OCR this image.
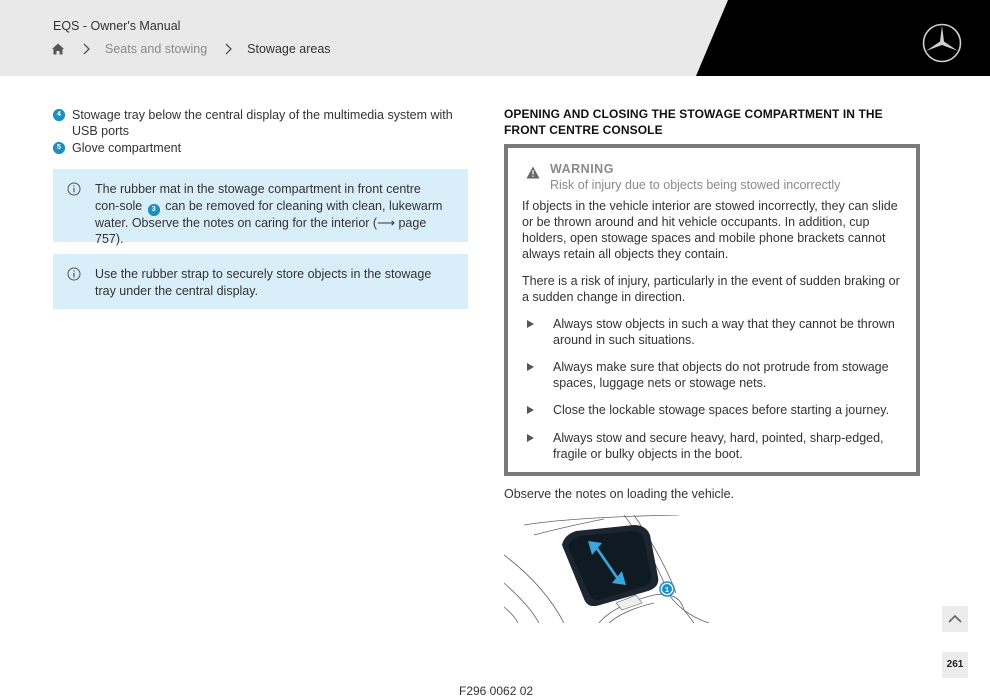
EQS - Owner's Manual
Seats and stowing	Stowage areas
4 Stowage tray below the central display of the multimedia system with USB ports
5 Glove compartment
The rubber mat in the stowage compartment in front centre con-sole 3 can be removed for cleaning with clean, lukewarm water. Observe the notes on caring for the interior (⟶ page 757).
Use the rubber strap to securely store objects in the stowage tray under the central display.
OPENING AND CLOSING THE STOWAGE COMPARTMENT IN THE FRONT CENTRE CONSOLE
WARNING
Risk of injury due to objects being stowed incorrectly
If objects in the vehicle interior are stowed incorrectly, they can slide or be thrown around and hit vehicle occupants. In addition, cup holders, open stowage spaces and mobile phone brackets cannot always retain all objects they contain.
There is a risk of injury, particularly in the event of sudden braking or a sudden change in direction.
Always stow objects in such a way that they cannot be thrown around in such situations.
Always make sure that objects do not protrude from stowage spaces, luggage nets or stowage nets.
Close the lockable stowage spaces before starting a journey.
Always stow and secure heavy, hard, pointed, sharp-edged, fragile or bulky objects in the boot.
Observe the notes on loading the vehicle.
1
F296 0062 02
261
